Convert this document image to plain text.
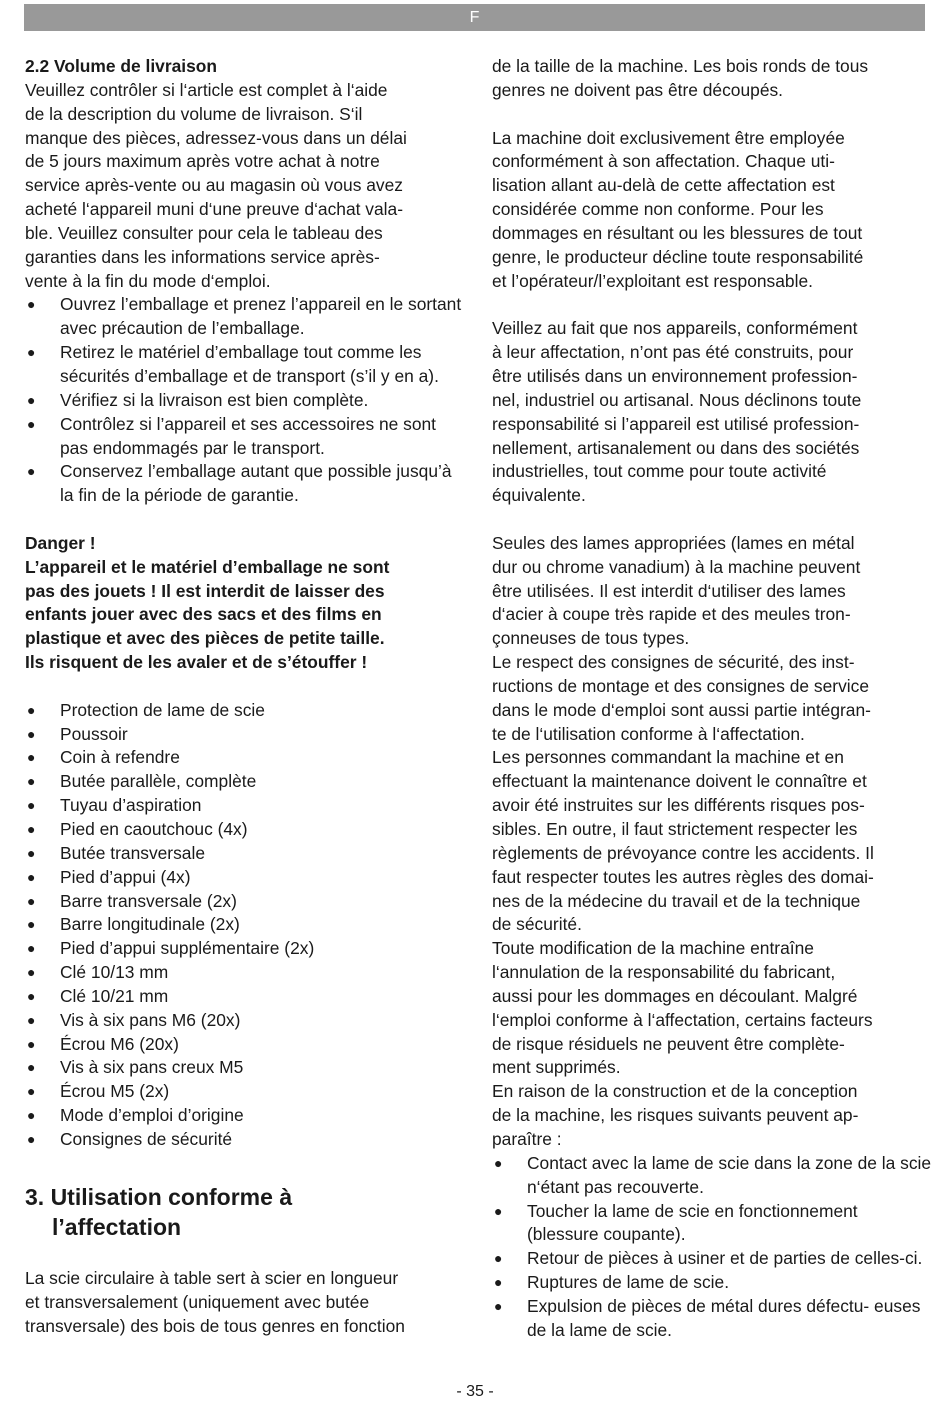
F
2.2 Volume de livraison
Veuillez contrôler si l‘article est complet à l‘aide
de la description du volume de livraison. S‘il
manque des pièces, adressez-vous dans un délai
de 5 jours maximum après votre achat à notre
service après-vente ou au magasin où vous avez
acheté l‘appareil muni d‘une preuve d‘achat vala-
ble. Veuillez consulter pour cela le tableau des
garanties dans les informations service après-
vente à la fin du mode d‘emploi.
● Ouvrez l’emballage et prenez l’appareil en le sortant avec précaution de l’emballage.
● Retirez le matériel d’emballage tout comme les sécurités d’emballage et de transport (s’il y en a).
● Vérifiez si la livraison est bien complète.
● Contrôlez si l’appareil et ses accessoires ne sont pas endommagés par le transport.
● Conservez l’emballage autant que possible jusqu’à la fin de la période de garantie.
Danger !
L’appareil et le matériel d’emballage ne sont
pas des jouets ! Il est interdit de laisser des
enfants jouer avec des sacs et des films en
plastique et avec des pièces de petite taille.
Ils risquent de les avaler et de s’étouffer !
● Protection de lame de scie
● Poussoir
● Coin à refendre
● Butée parallèle, complète
● Tuyau d’aspiration
● Pied en caoutchouc (4x)
● Butée transversale
● Pied d’appui (4x)
● Barre transversale (2x)
● Barre longitudinale (2x)
● Pied d’appui supplémentaire (2x)
● Clé 10/13 mm
● Clé 10/21 mm
● Vis à six pans M6 (20x)
● Écrou M6 (20x)
● Vis à six pans creux M5
● Écrou M5 (2x)
● Mode d’emploi d’origine
● Consignes de sécurité
3. Utilisation conforme à
l’affectation
La scie circulaire à table sert à scier en longueur
et transversalement (uniquement avec butée
transversale) des bois de tous genres en fonction
de la taille de la machine. Les bois ronds de tous
genres ne doivent pas être découpés.
La machine doit exclusivement être employée
conformément à son affectation. Chaque uti-
lisation allant au-delà de cette affectation est
considérée comme non conforme. Pour les
dommages en résultant ou les blessures de tout
genre, le producteur décline toute responsabilité
et l’opérateur/l’exploitant est responsable.
Veillez au fait que nos appareils, conformément
à leur affectation, n’ont pas été construits, pour
être utilisés dans un environnement profession-
nel, industriel ou artisanal. Nous déclinons toute
responsabilité si l’appareil est utilisé profession-
nellement, artisanalement ou dans des sociétés
industrielles, tout comme pour toute activité
équivalente.
Seules des lames appropriées (lames en métal
dur ou chrome vanadium) à la machine peuvent
être utilisées. Il est interdit d‘utiliser des lames
d‘acier à coupe très rapide et des meules tron-
çonneuses de tous types.
Le respect des consignes de sécurité, des inst-
ructions de montage et des consignes de service
dans le mode d‘emploi sont aussi partie intégran-
te de l‘utilisation conforme à l‘affectation.
Les personnes commandant la machine et en
effectuant la maintenance doivent le connaître et
avoir été instruites sur les différents risques pos-
sibles. En outre, il faut strictement respecter les
règlements de prévoyance contre les accidents. Il
faut respecter toutes les autres règles des domai-
nes de la médecine du travail et de la technique
de sécurité.
Toute modification de la machine entraîne
l‘annulation de la responsabilité du fabricant,
aussi pour les dommages en découlant. Malgré
l‘emploi conforme à l‘affectation, certains facteurs
de risque résiduels ne peuvent être complète-
ment supprimés.
En raison de la construction et de la conception
de la machine, les risques suivants peuvent ap-
paraître :
● Contact avec la lame de scie dans la zone de la scie n‘étant pas recouverte.
● Toucher la lame de scie en fonctionnement (blessure coupante).
● Retour de pièces à usiner et de parties de celles-ci.
● Ruptures de lame de scie.
● Expulsion de pièces de métal dures défectu- euses de la lame de scie.
- 35 -
